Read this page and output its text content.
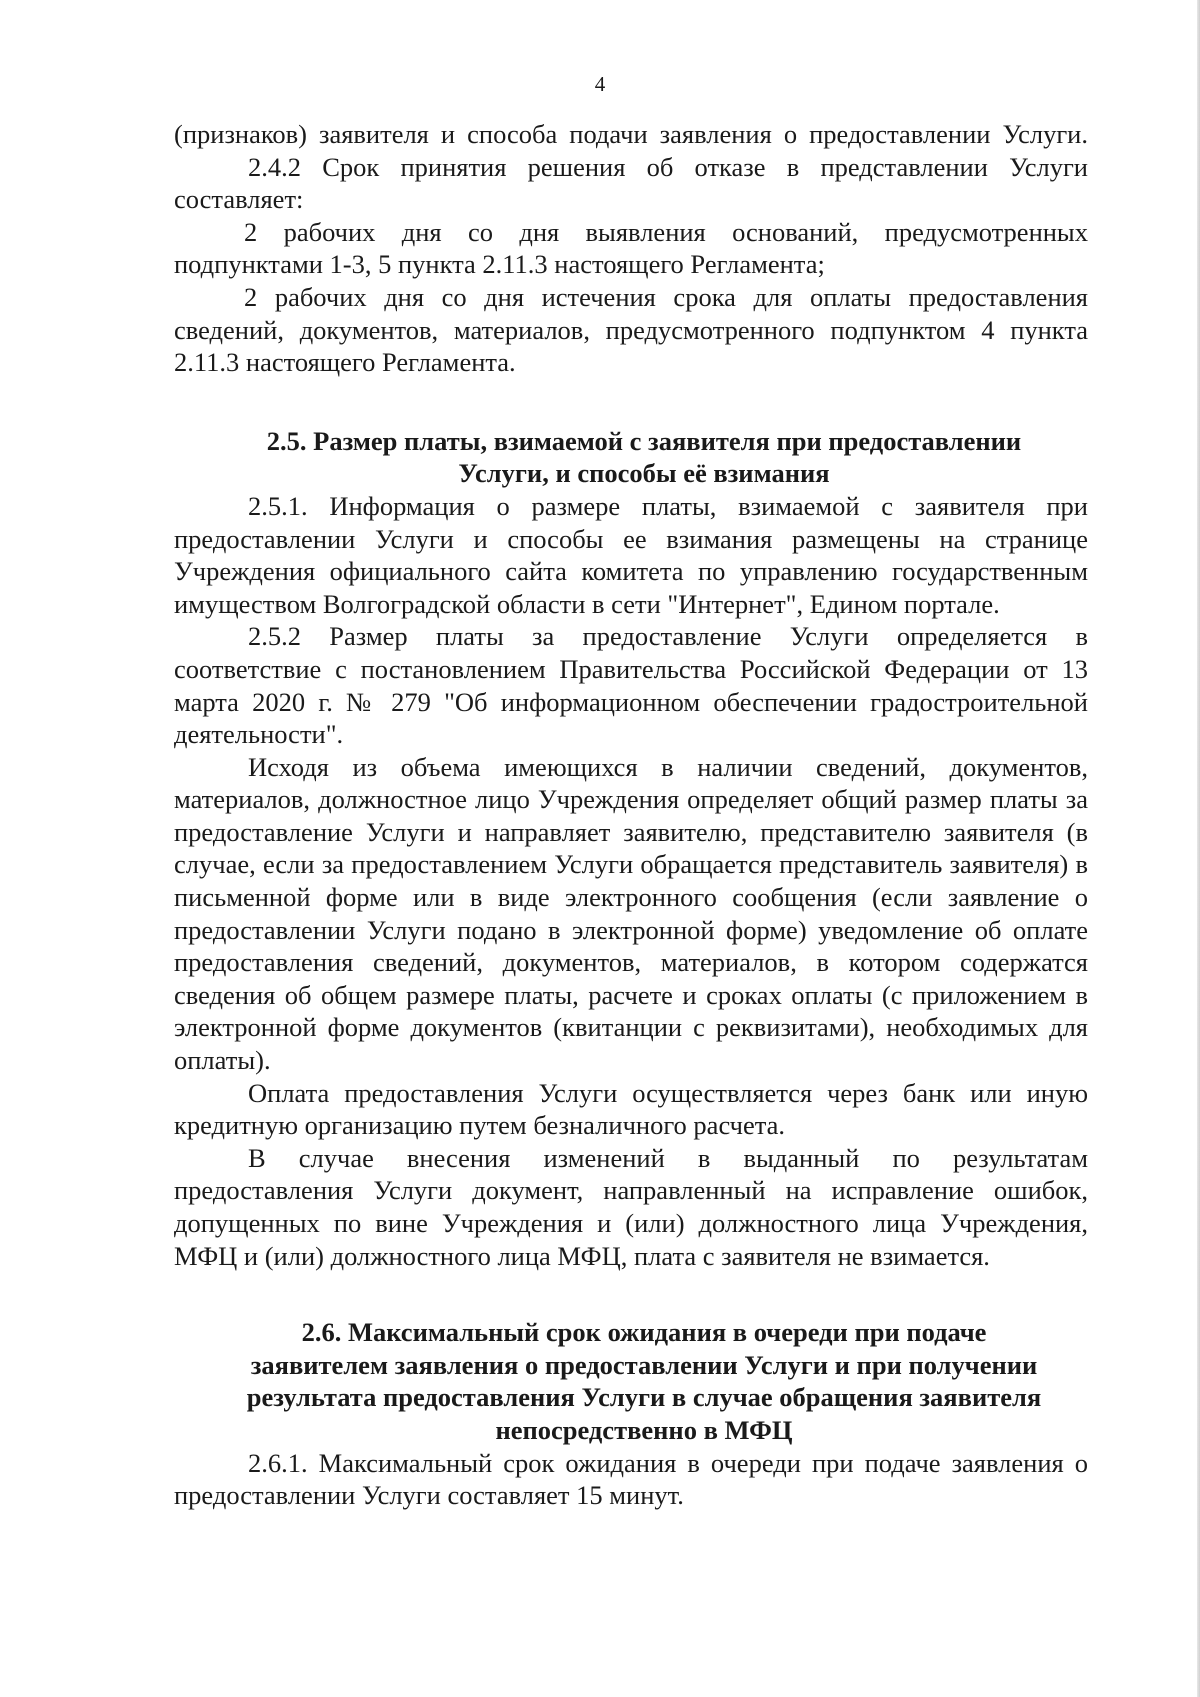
4

(признаков) заявителя и способа подачи заявления о предоставлении Услуги.

2.4.2 Срок принятия решения об отказе в представлении Услуги составляет:

2 рабочих дня со дня выявления оснований, предусмотренных подпунктами 1-3, 5 пункта 2.11.3 настоящего Регламента;

2 рабочих дня со дня истечения срока для оплаты предоставления сведений, документов, материалов, предусмотренного подпунктом 4 пункта 2.11.3 настоящего Регламента.

2.5. Размер платы, взимаемой с заявителя при предоставлении
Услуги, и способы её взимания

2.5.1. Информация о размере платы, взимаемой с заявителя при предоставлении Услуги и способы ее взимания размещены на странице Учреждения официального сайта комитета по управлению государственным имуществом Волгоградской области в сети "Интернет", Едином портале.

2.5.2 Размер платы за предоставление Услуги определяется в соответствие с постановлением Правительства Российской Федерации от 13 марта 2020 г. № 279 "Об информационном обеспечении градостроительной деятельности".

Исходя из объема имеющихся в наличии сведений, документов, материалов, должностное лицо Учреждения определяет общий размер платы за предоставление Услуги и направляет заявителю, представителю заявителя (в случае, если за предоставлением Услуги обращается представитель заявителя) в письменной форме или в виде электронного сообщения (если заявление о предоставлении Услуги подано в электронной форме) уведомление об оплате предоставления сведений, документов, материалов, в котором содержатся сведения об общем размере платы, расчете и сроках оплаты (с приложением в электронной форме документов (квитанции с реквизитами), необходимых для оплаты).

Оплата предоставления Услуги осуществляется через банк или иную кредитную организацию путем безналичного расчета.

В случае внесения изменений в выданный по результатам предоставления Услуги документ, направленный на исправление ошибок, допущенных по вине Учреждения и (или) должностного лица Учреждения, МФЦ и (или) должностного лица МФЦ, плата с заявителя не взимается.

2.6. Максимальный срок ожидания в очереди при подаче
заявителем заявления о предоставлении Услуги и при получении
результата предоставления Услуги в случае обращения заявителя
непосредственно в МФЦ

2.6.1. Максимальный срок ожидания в очереди при подаче заявления о предоставлении Услуги составляет 15 минут.
